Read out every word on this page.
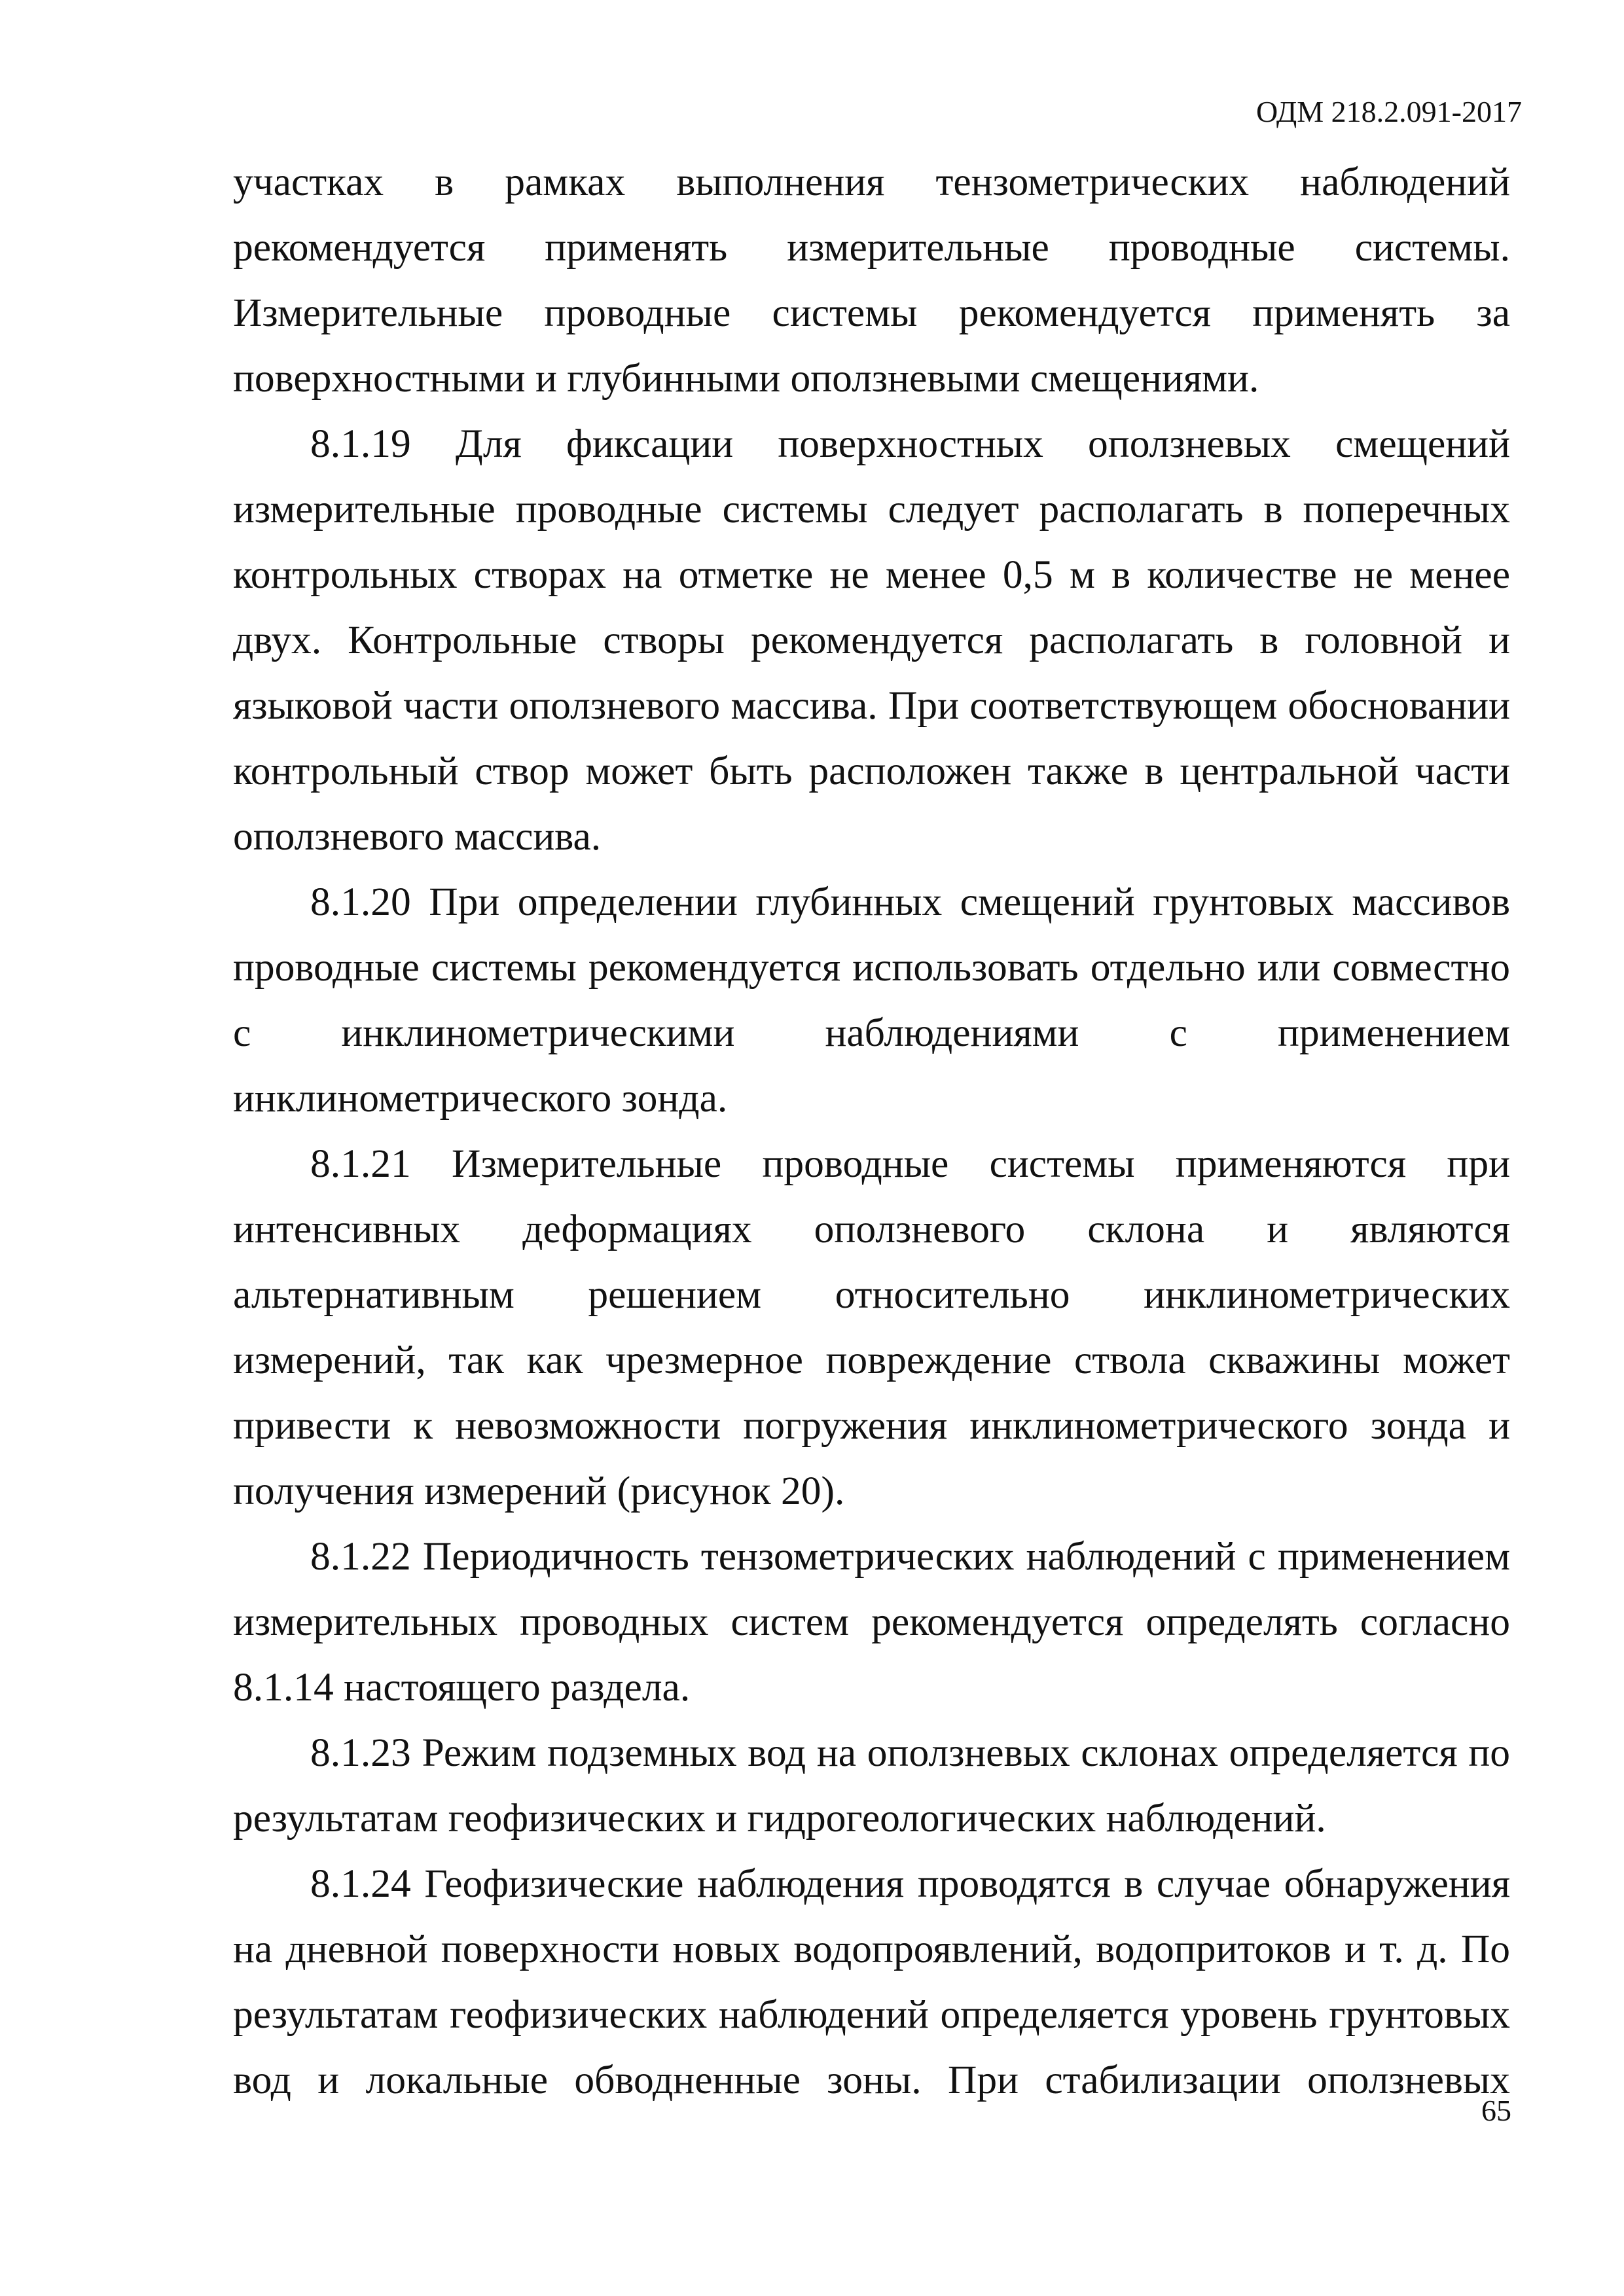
ОДМ 218.2.091-2017

участках в рамках выполнения тензометрических наблюдений рекомендуется применять измерительные проводные системы. Измерительные проводные системы рекомендуется применять за поверхностными и глубинными оползневыми смещениями.

8.1.19 Для фиксации поверхностных оползневых смещений измерительные проводные системы следует располагать в поперечных контрольных створах на отметке не менее 0,5 м в количестве не менее двух. Контрольные створы рекомендуется располагать в головной и языковой части оползневого массива. При соответствующем обосновании контрольный створ может быть расположен также в центральной части оползневого массива.

8.1.20 При определении глубинных смещений грунтовых массивов проводные системы рекомендуется использовать отдельно или совместно с инклинометрическими наблюдениями с применением инклинометрического зонда.

8.1.21 Измерительные проводные системы применяются при интенсивных деформациях оползневого склона и являются альтернативным решением относительно инклинометрических измерений, так как чрезмерное повреждение ствола скважины может привести к невозможности погружения инклинометрического зонда и получения измерений (рисунок 20).

8.1.22 Периодичность тензометрических наблюдений с применением измерительных проводных систем рекомендуется определять согласно 8.1.14 настоящего раздела.

8.1.23 Режим подземных вод на оползневых склонах определяется по результатам геофизических и гидрогеологических наблюдений.

8.1.24 Геофизические наблюдения проводятся в случае обнаружения на дневной поверхности новых водопроявлений, водопритоков и т. д. По результатам геофизических наблюдений определяется уровень грунтовых вод и локальные обводненные зоны. При стабилизации оползневых

65
